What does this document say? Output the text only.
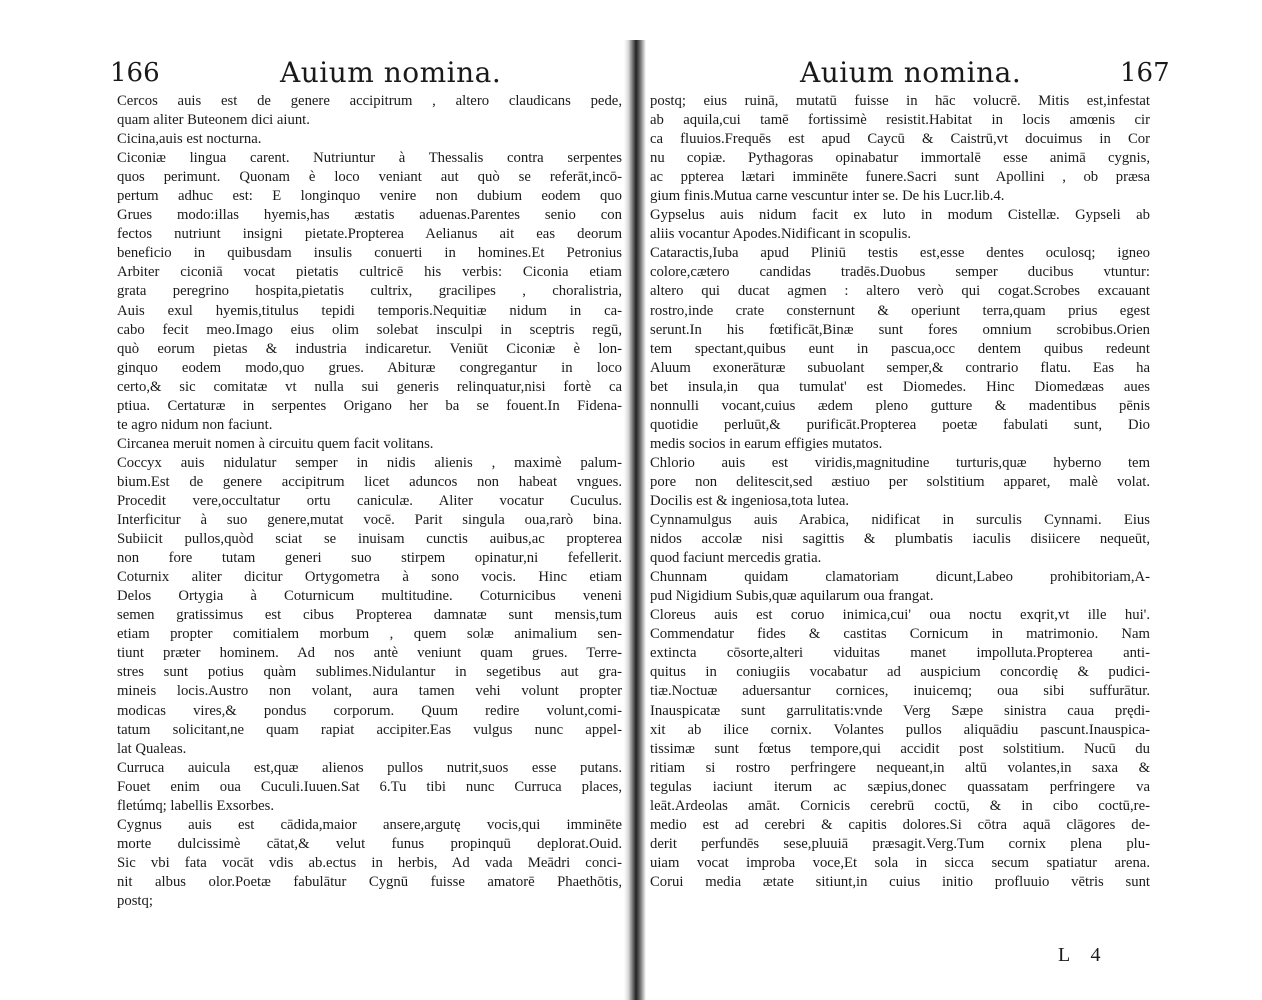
166	Auium nomina.
Cercos auis est de genere accipitrum , altero claudicans pede,
quam aliter Buteonem dici aiunt.
Cicina,auis est nocturna.
Ciconiæ lingua carent. Nutriuntur à Thessalis contra serpentes
quos perimunt. Quonam è loco veniant aut quò se referāt,incō-
pertum adhuc est: E longinquo venire non dubium eodem quo
Grues modo:illas hyemis,has æstatis aduenas.Parentes senio con
fectos nutriunt insigni pietate.Propterea Aelianus ait eas deorum
beneficio in quibusdam insulis conuerti in homines.Et Petronius
Arbiter ciconiā vocat pietatis cultricē his verbis: Ciconia etiam
grata peregrino hospita,pietatis cultrix, gracilipes , choralistria,
Auis exul hyemis,titulus tepidi temporis.Nequitiæ nidum in ca-
cabo fecit meo.Imago eius olim solebat insculpi in sceptris regū,
quò eorum pietas & industria indicaretur. Veniūt Ciconiæ è lon-
ginquo eodem modo,quo grues. Abituræ congregantur in loco
certo,& sic comitatæ vt nulla sui generis relinquatur,nisi fortè ca
ptiua. Certaturæ in serpentes Origano her ba se fouent.In Fidena-
te agro nidum non faciunt.
Circanea meruit nomen à circuitu quem facit volitans.
Coccyx auis nidulatur semper in nidis alienis , maximè palum-
bium.Est de genere accipitrum licet aduncos non habeat vngues.
Procedit vere,occultatur ortu caniculæ. Aliter vocatur Cuculus.
Interficitur à suo genere,mutat vocē. Parit singula oua,rarò bina.
Subiicit pullos,quòd sciat se inuisam cunctis auibus,ac propterea
non fore tutam generi suo stirpem opinatur,ni fefellerit.
Coturnix aliter dicitur Ortygometra à sono vocis. Hinc etiam
Delos Ortygia à Coturnicum multitudine. Coturnicibus veneni
semen gratissimus est cibus Propterea damnatæ sunt mensis,tum
etiam propter comitialem morbum , quem solæ animalium sen-
tiunt præter hominem. Ad nos antè veniunt quam grues. Terre-
stres sunt potius quàm sublimes.Nidulantur in segetibus aut gra-
mineis locis.Austro non volant, aura tamen vehi volunt propter
modicas vires,& pondus corporum. Quum redire volunt,comi-
tatum solicitant,ne quam rapiat accipiter.Eas vulgus nunc appel-
lat Qualeas.
Curruca auicula est,quæ alienos pullos nutrit,suos esse putans.
Fouet enim oua Cuculi.Iuuen.Sat 6.Tu tibi nunc Curruca places,
fletúmq; labellis Exsorbes.
Cygnus auis est cādida,maior ansere,argutę vocis,qui imminēte
morte dulcissimè cātat,& velut funus propinquū deplorat.Ouid.
Sic vbi fata vocāt vdis ab.ectus in herbis, Ad vada Meādri conci-
nit albus olor.Poetæ fabulātur Cygnū fuisse amatorē Phaethōtis,
postq;
Auium nomina.	167
postq; eius ruinā, mutatū fuisse in hāc volucrē. Mitis est,infestat
ab aquila,cui tamē fortissimè resistit.Habitat in locis amœnis cir
ca fluuios.Frequēs est apud Caycū & Caistrū,vt docuimus in Cor
nu copiæ. Pythagoras opinabatur immortalē esse animā cygnis,
ac ppterea lætari imminēte funere.Sacri sunt Apollini , ob præsa
gium finis.Mutua carne vescuntur inter se. De his Lucr.lib.4.
Gypselus auis nidum facit ex luto in modum Cistellæ. Gypseli ab
aliis vocantur Apodes.Nidificant in scopulis.
Cataractis,Iuba apud Pliniū testis est,esse dentes oculosq; igneo
colore,cætero candidas tradēs.Duobus semper ducibus vtuntur:
altero qui ducat agmen : altero verò qui cogat.Scrobes excauant
rostro,inde crate consternunt & operiunt terra,quam prius egest
serunt.In his fœtificāt,Binæ sunt fores omnium scrobibus.Orien
tem spectant,quibus eunt in pascua,occ dentem quibus redeunt
Aluum exonerāturæ subuolant semper,& contrario flatu. Eas ha
bet insula,in qua tumulat' est Diomedes. Hinc Diomedæas aues
nonnulli vocant,cuius ædem pleno gutture & madentibus pēnis
quotidie perluūt,& purificāt.Propterea poetæ fabulati sunt, Dio
medis socios in earum effigies mutatos.
Chlorio auis est viridis,magnitudine turturis,quæ hyberno tem
pore non delitescit,sed æstiuo per solstitium apparet, malè volat.
Docilis est & ingeniosa,tota lutea.
Cynnamulgus auis Arabica, nidificat in surculis Cynnami. Eius
nidos accolæ nisi sagittis & plumbatis iaculis disiicere nequeūt,
quod faciunt mercedis gratia.
Chunnam quidam clamatoriam dicunt,Labeo prohibitoriam,A-
pud Nigidium Subis,quæ aquilarum oua frangat.
Cloreus auis est coruo inimica,cui' oua noctu exqrit,vt ille hui'.
Commendatur fides & castitas Cornicum in matrimonio. Nam
extincta cōsorte,alteri viduitas manet impolluta.Propterea anti-
quitus in coniugiis vocabatur ad auspicium concordię & pudici-
tiæ.Noctuæ aduersantur cornices, inuicemq; oua sibi suffurātur.
Inauspicatæ sunt garrulitatis:vnde Verg Sæpe sinistra caua prędi-
xit ab ilice cornix. Volantes pullos aliquādiu pascunt.Inauspica-
tissimæ sunt fœtus tempore,qui accidit post solstitium. Nucū du
ritiam si rostro perfringere nequeant,in altū volantes,in saxa &
tegulas iaciunt iterum ac sæpius,donec quassatam perfringere va
leāt.Ardeolas amāt. Cornicis cerebrū coctū, & in cibo coctū,re-
medio est ad cerebri & capitis dolores.Si cōtra aquā clāgores de-
derit perfundēs sese,pluuiā præsagit.Verg.Tum cornix plena plu-
uiam vocat improba voce,Et sola in sicca secum spatiatur arena.
Corui media ætate sitiunt,in cuius initio profluuio vētris sunt
L 4
